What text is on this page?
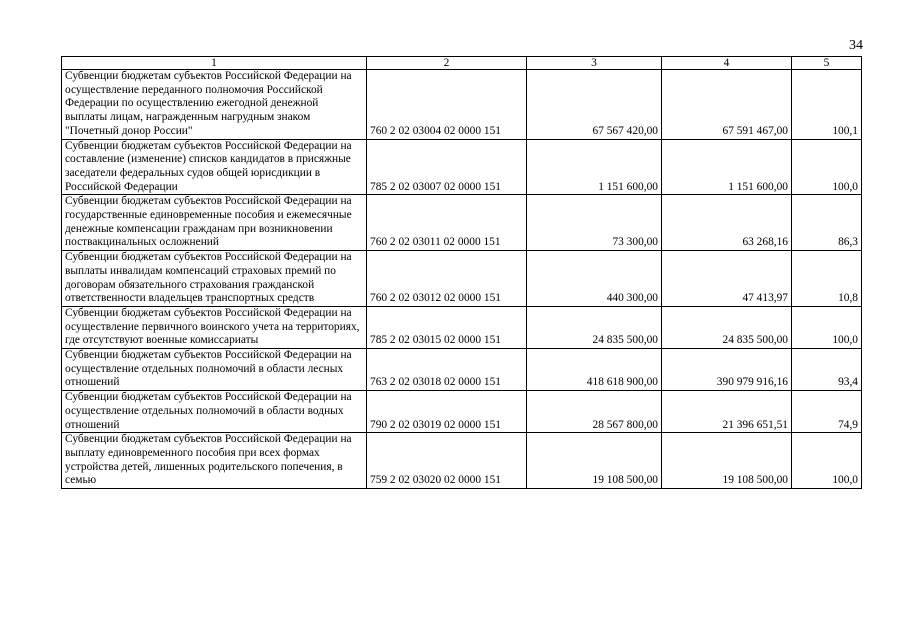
34
1	2	3	4	5
Субвенции бюджетам субъектов Российской Федерации на осуществление переданного полномочия Российской Федерации по осуществлению ежегодной денежной выплаты лицам, награжденным нагрудным знаком "Почетный донор России"	760 2 02 03004 02 0000 151	67 567 420,00	67 591 467,00	100,1
Субвенции бюджетам субъектов Российской Федерации на составление (изменение) списков кандидатов в присяжные заседатели федеральных судов общей юрисдикции в Российской Федерации	785 2 02 03007 02 0000 151	1 151 600,00	1 151 600,00	100,0
Субвенции бюджетам субъектов Российской Федерации на государственные единовременные пособия и ежемесячные денежные компенсации гражданам при возникновении поствакцинальных осложнений	760 2 02 03011 02 0000 151	73 300,00	63 268,16	86,3
Субвенции бюджетам субъектов Российской Федерации на выплаты инвалидам компенсаций страховых премий по договорам обязательного страхования гражданской ответственности владельцев транспортных средств	760 2 02 03012 02 0000 151	440 300,00	47 413,97	10,8
Субвенции бюджетам субъектов Российской Федерации на осуществление первичного воинского учета на территориях, где отсутствуют военные комиссариаты	785 2 02 03015 02 0000 151	24 835 500,00	24 835 500,00	100,0
Субвенции бюджетам субъектов Российской Федерации на осуществление отдельных полномочий в области лесных отношений	763 2 02 03018 02 0000 151	418 618 900,00	390 979 916,16	93,4
Субвенции бюджетам субъектов Российской Федерации на осуществление отдельных полномочий в области водных отношений	790 2 02 03019 02 0000 151	28 567 800,00	21 396 651,51	74,9
Субвенции бюджетам субъектов Российской Федерации на выплату единовременного пособия при всех формах устройства детей, лишенных родительского попечения, в семью	759 2 02 03020 02 0000 151	19 108 500,00	19 108 500,00	100,0
